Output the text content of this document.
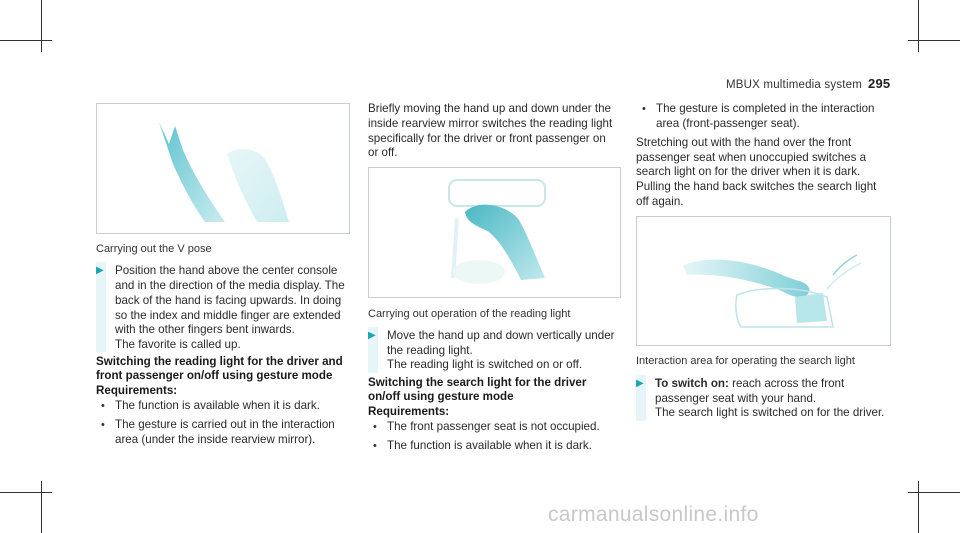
MBUX multimedia system 295
Carrying out the V pose
▶ Position the hand above the center console
and in the direction of the media display. The
back of the hand is facing upwards. In doing
so the index and middle finger are extended
with the other fingers bent inwards.
The favorite is called up.
Switching the reading light for the driver and
front passenger on/off using gesture mode
Requirements:
• The function is available when it is dark.
• The gesture is carried out in the interaction
area (under the inside rearview mirror).
Briefly moving the hand up and down under the
inside rearview mirror switches the reading light
specifically for the driver or front passenger on
or off.
Carrying out operation of the reading light
▶ Move the hand up and down vertically under
the reading light.
The reading light is switched on or off.
Switching the search light for the driver
on/off using gesture mode
Requirements:
• The front passenger seat is not occupied.
• The function is available when it is dark.
• The gesture is completed in the interaction
area (front-passenger seat).
Stretching out with the hand over the front
passenger seat when unoccupied switches a
search light on for the driver when it is dark.
Pulling the hand back switches the search light
off again.
Interaction area for operating the search light
▶ To switch on: reach across the front
passenger seat with your hand.
The search light is switched on for the driver.
carmanualsonline.info
